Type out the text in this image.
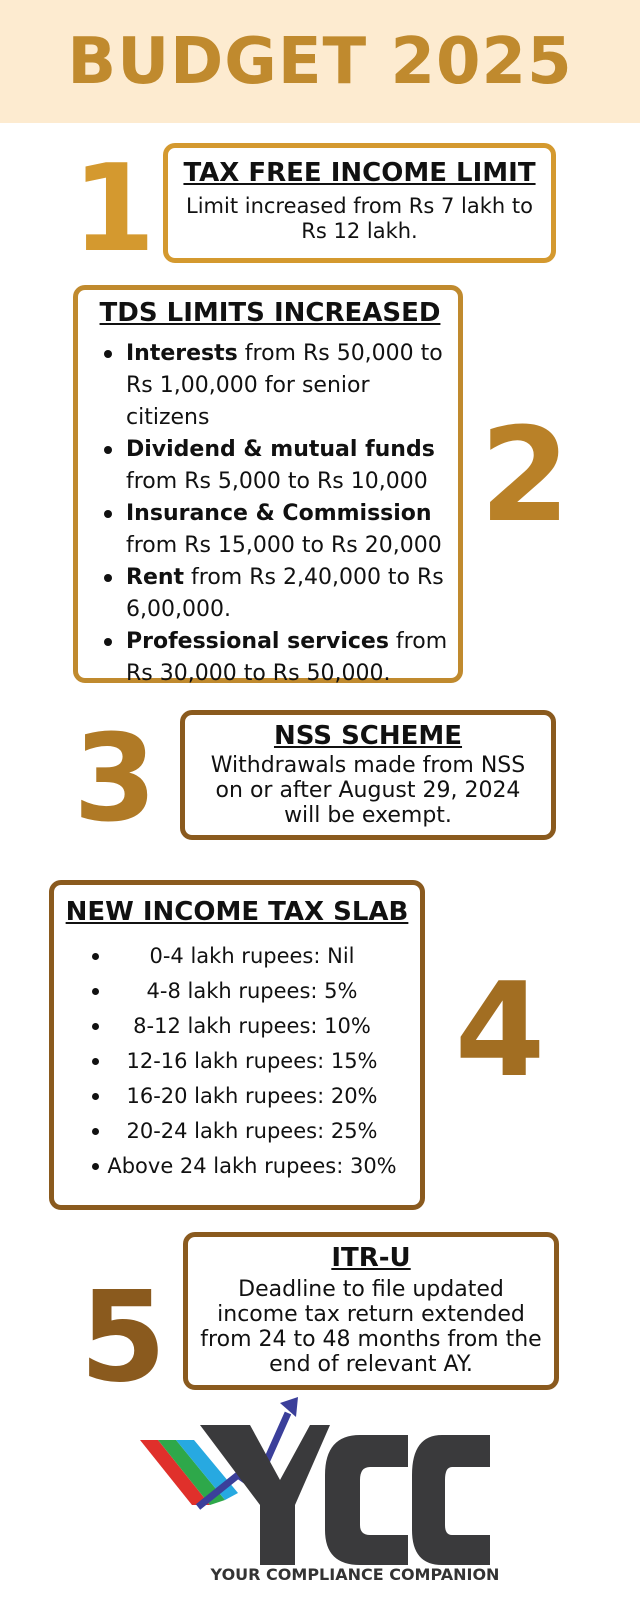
BUDGET 2025
1 TAX FREE INCOME LIMIT

Limit increased from Rs 7 lakh to Rs 12 lakh.

TDS LIMITS INCREASED
Interests from Rs 50,000 to Rs 1,00,000 for senior citizens
Dividend & mutual funds from Rs 5,000 to Rs 10,000
Insurance & Commission from Rs 15,000 to Rs 20,000
Rent from Rs 2,40,000 to Rs 6,00,000.
Professional services from Rs 30,000 to Rs 50,000.
2
3	NSS SCHEME

Withdrawals made from NSS on or after August 29, 2024 will be exempt.

NEW INCOME TAX SLAB
0-4 lakh rupees: Nil
4-8 lakh rupees: 5%
8-12 lakh rupees: 10%
12-16 lakh rupees: 15%
16-20 lakh rupees: 20%
20-24 lakh rupees: 25%
Above 24 lakh rupees: 30%
4
5
ITR-U

Deadline to file updated income tax return extended from 24 to 48 months from the end of relevant AY.

YOUR COMPLIANCE COMPANION
